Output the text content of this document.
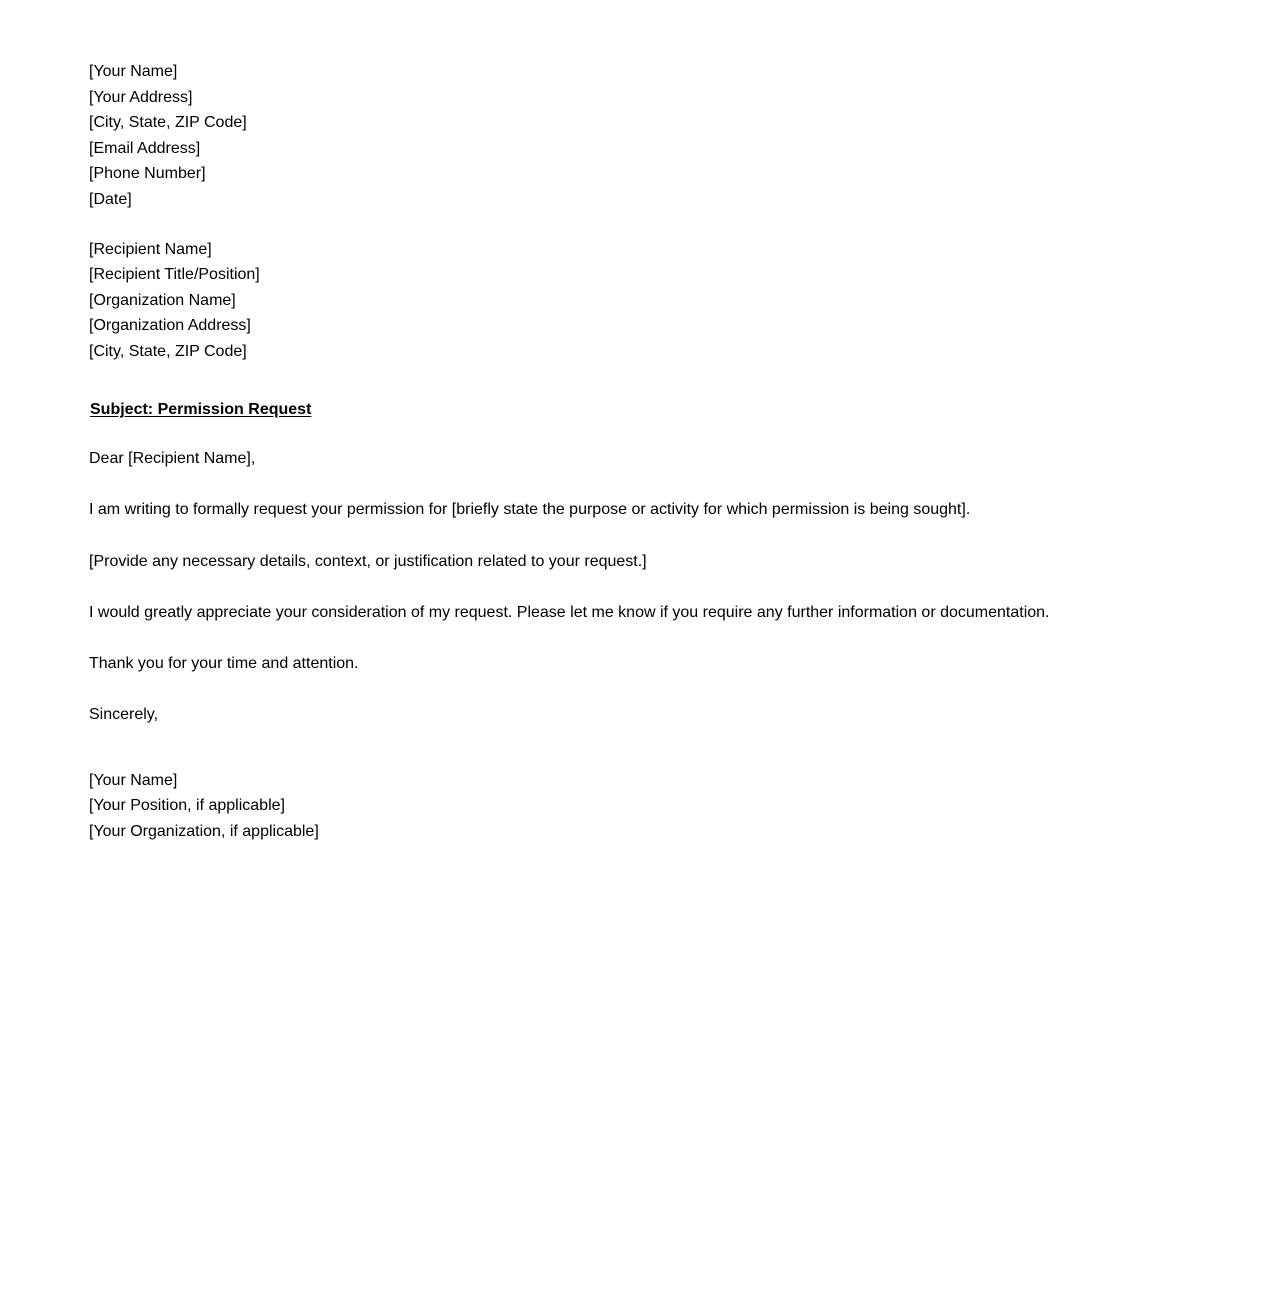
[Your Name]
[Your Address]
[City, State, ZIP Code]
[Email Address]
[Phone Number]
[Date]
[Recipient Name]
[Recipient Title/Position]
[Organization Name]
[Organization Address]
[City, State, ZIP Code]
Subject: Permission Request
Dear [Recipient Name],
I am writing to formally request your permission for [briefly state the purpose or activity for which permission is being sought].
[Provide any necessary details, context, or justification related to your request.]
I would greatly appreciate your consideration of my request. Please let me know if you require any further information or documentation.
Thank you for your time and attention.
Sincerely,
[Your Name]
[Your Position, if applicable]
[Your Organization, if applicable]
